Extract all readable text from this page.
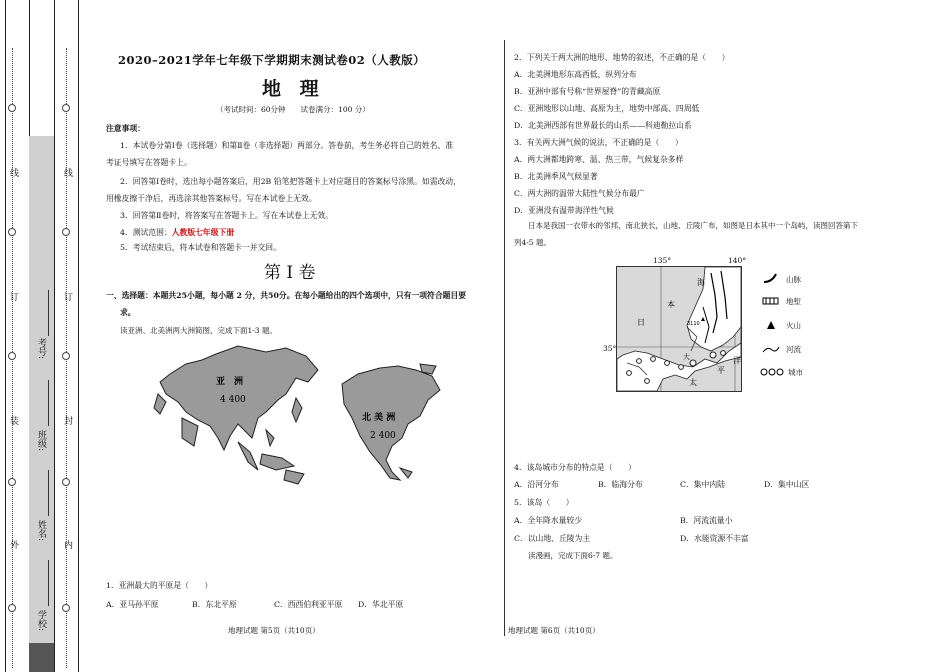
线
订
装
外
线
订
封
内
学校:
姓名:
班级:
考号:
2020–2021学年七年级下学期期末测试卷02（人教版）
地 理
（考试时间：60分钟　　试卷满分：100 分）
注意事项：
1．本试卷分第Ⅰ卷（选择题）和第Ⅱ卷（非选择题）两部分。答卷前，考生务必将自己的姓名、准
考证号填写在答题卡上。
2．回答第Ⅰ卷时，选出每小题答案后，用2B 铅笔把答题卡上对应题目的答案标号涂黑。如需改动，
用橡皮擦干净后，再选涂其他答案标号。写在本试卷上无效。
3．回答第Ⅱ卷时，将答案写在答题卡上。写在本试卷上无效。
4．测试范围：人教版七年级下册
5．考试结束后，将本试卷和答题卡一并交回。
第 Ⅰ 卷
一、选择题：本题共25小题，每小题 2 分，共50分。在每小题给出的四个选项中，只有一项符合题目要
求。
读亚洲、北美洲两大洲简图，完成下面1-3 题。
亚　洲
4 400
北 美 洲
2 400
1．亚洲最大的平原是（　　）
A．亚马孙平原	B．东北平原	C．西西伯利亚平原 D．华北平原
地理试题 第5页（共10页）
2．下列关于两大洲的地形、地势的叙述，不正确的是（　　）
A．北美洲地形东高西低，纵列分布
B．亚洲中部有号称“世界屋脊”的青藏高原
C．亚洲地形以山地、高原为主，地势中部高、四周低
D．北美洲西部有世界最长的山系——科迪勒拉山系
3．有关两大洲气候的说法，不正确的是（　　）
A．两大洲都地跨寒、温、热三带，气候复杂多样
B．北美洲季风气候显著
C．两大洲的温带大陆性气候分布最广
D．亚洲没有温带海洋性气候
日本是我国一衣带水的邻邦，南北狭长，山地、丘陵广布，如图是日本其中一个岛屿，读图回答第下
列4-5 题。
135°	140°
35°
3110
海
本
日
大
太
平
洋
山脉
地堑
火山
河流
城市
4．该岛城市分布的特点是（　　）
A．沿河分布	B．临海分布	C．集中内陆	D．集中山区
5．该岛（　　）
A．全年降水量较少	B．河流流量小
C．以山地、丘陵为主	D．水能资源不丰富
读漫画，完成下面6-7 题。
地理试题 第6页（共10页）
